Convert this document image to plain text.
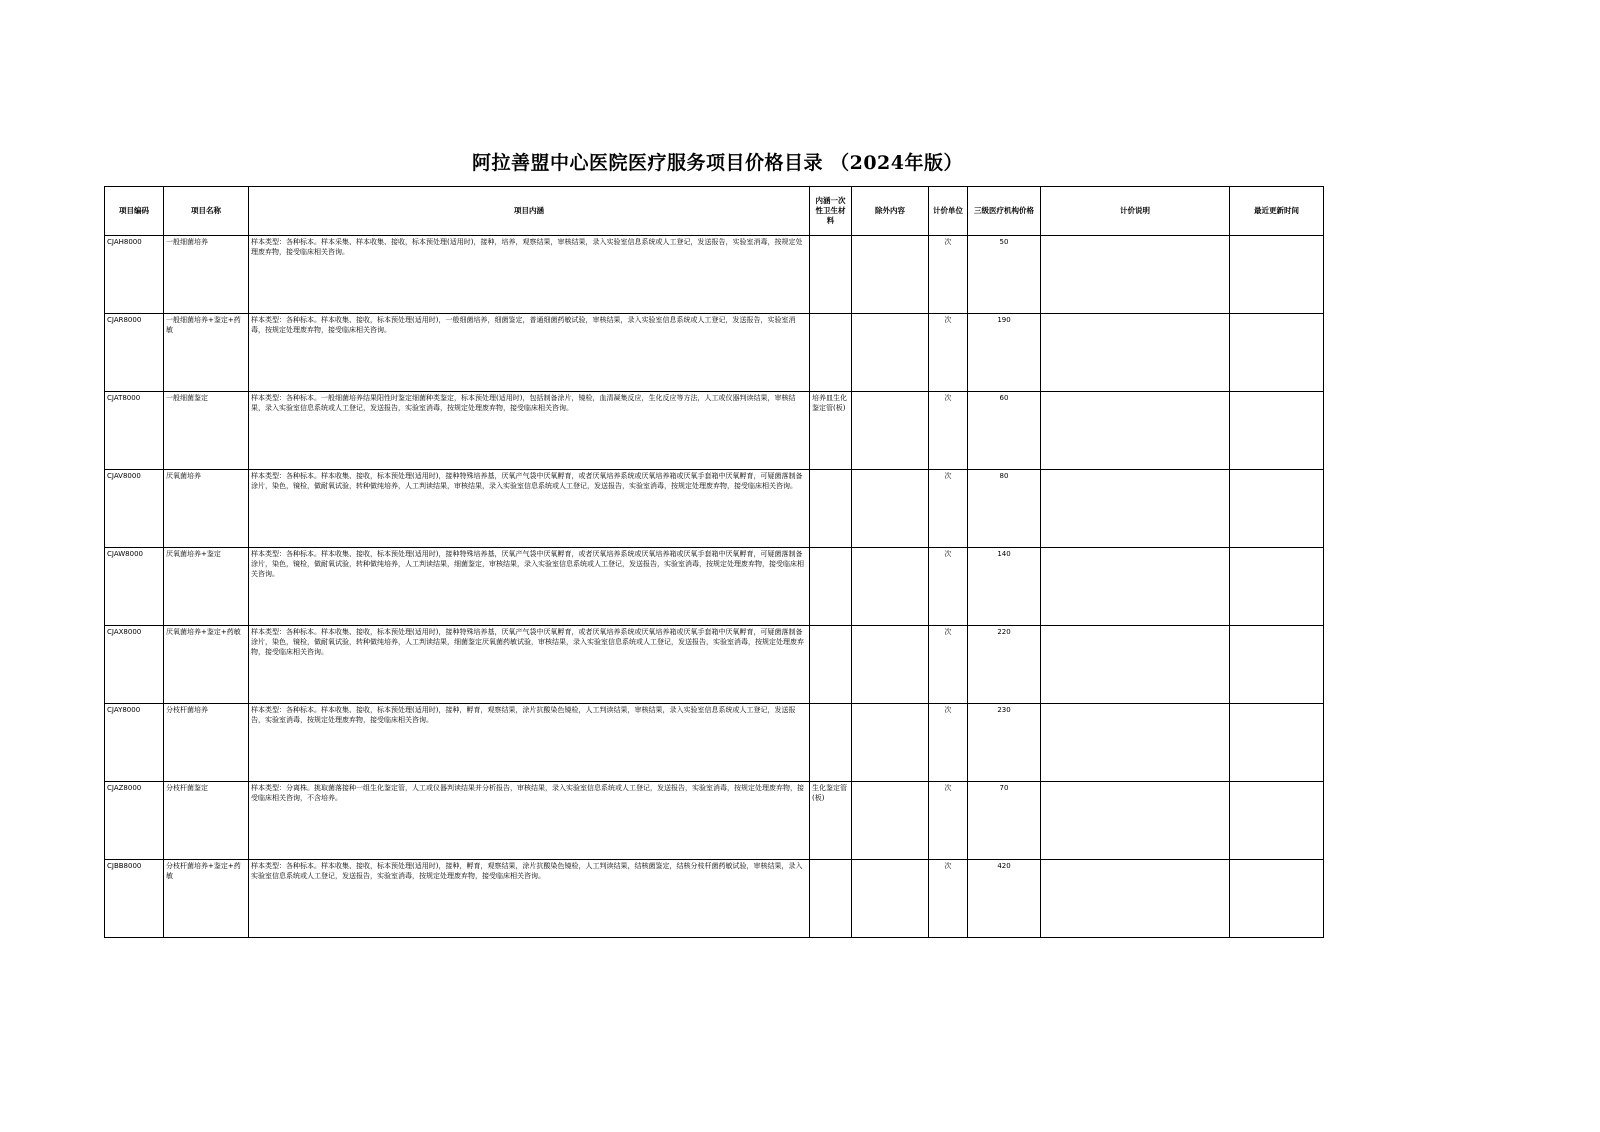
阿拉善盟中心医院医疗服务项目价格目录 （2024年版）
项目编码	项目名称	项目内涵	内涵一次性卫生材料	除外内容	计价单位	三级医疗机构价格	计价说明	最近更新时间
CJAH8000	一般细菌培养	样本类型：各种标本。样本采集、样本收集、接收，标本预处理(适用时)，接种，培养，观察结果，审核结果，录入实验室信息系统或人工登记，发送报告，实验室消毒，按规定处理废弃物，接受临床相关咨询。			次	50		
CJAR8000	一般细菌培养+鉴定+药敏	样本类型：各种标本。样本收集、接收，标本预处理(适用时)，一般细菌培养，细菌鉴定，普通细菌药敏试验，审核结果，录入实验室信息系统或人工登记，发送报告，实验室消毒，按规定处理废弃物，接受临床相关咨询。			次	190		
CJAT8000	一般细菌鉴定	样本类型：各种标本。一般细菌培养结果阳性时鉴定细菌种类鉴定，标本预处理(适用时)，包括制备涂片，镜检，血清凝集反应，生化反应等方法，人工或仪器判读结果，审核结果，录入实验室信息系统或人工登记，发送报告，实验室消毒，按规定处理废弃物，接受临床相关咨询。	培养皿生化鉴定管(板)		次	60		
CJAV8000	厌氧菌培养	样本类型：各种标本。样本收集、接收，标本预处理(适用时)，接种特殊培养基，厌氧产气袋中厌氧孵育，或者厌氧培养系统或厌氧培养箱或厌氧手套箱中厌氧孵育，可疑菌落制备涂片，染色，镜检，做耐氧试验，转种做纯培养，人工判读结果，审核结果，录入实验室信息系统或人工登记，发送报告，实验室消毒，按规定处理废弃物，接受临床相关咨询。			次	80		
CJAW8000	厌氧菌培养+鉴定	样本类型：各种标本。样本收集、接收，标本预处理(适用时)，接种特殊培养基，厌氧产气袋中厌氧孵育，或者厌氧培养系统或厌氧培养箱或厌氧手套箱中厌氧孵育，可疑菌落制备涂片，染色，镜检，做耐氧试验，转种做纯培养，人工判读结果，细菌鉴定，审核结果，录入实验室信息系统或人工登记，发送报告，实验室消毒，按规定处理废弃物，接受临床相关咨询。			次	140		
CJAX8000	厌氧菌培养+鉴定+药敏	样本类型：各种标本。样本收集、接收，标本预处理(适用时)，接种特殊培养基，厌氧产气袋中厌氧孵育，或者厌氧培养系统或厌氧培养箱或厌氧手套箱中厌氧孵育，可疑菌落制备涂片，染色，镜检，做耐氧试验，转种做纯培养，人工判读结果，细菌鉴定厌氧菌药敏试验，审核结果，录入实验室信息系统或人工登记，发送报告，实验室消毒，按规定处理废弃物，接受临床相关咨询。			次	220		
CJAY8000	分枝杆菌培养	样本类型：各种标本。样本收集、接收，标本预处理(适用时)，接种，孵育，观察结果，涂片抗酸染色镜检，人工判读结果，审核结果，录入实验室信息系统或人工登记，发送报告，实验室消毒，按规定处理废弃物，接受临床相关咨询。			次	230		
CJAZ8000	分枝杆菌鉴定	样本类型：分离株。挑取菌落接种一组生化鉴定管，人工或仪器判读结果并分析报告，审核结果，录入实验室信息系统或人工登记，发送报告，实验室消毒，按规定处理废弃物，接受临床相关咨询，不含培养。	生化鉴定管(板)		次	70		
CJBB8000	分枝杆菌培养+鉴定+药敏	样本类型：各种标本。样本收集、接收，标本预处理(适用时)，接种，孵育，观察结果，涂片抗酸染色镜检，人工判读结果，结核菌鉴定，结核分枝杆菌药敏试验，审核结果，录入实验室信息系统或人工登记，发送报告，实验室消毒，按规定处理废弃物，接受临床相关咨询。			次	420		
